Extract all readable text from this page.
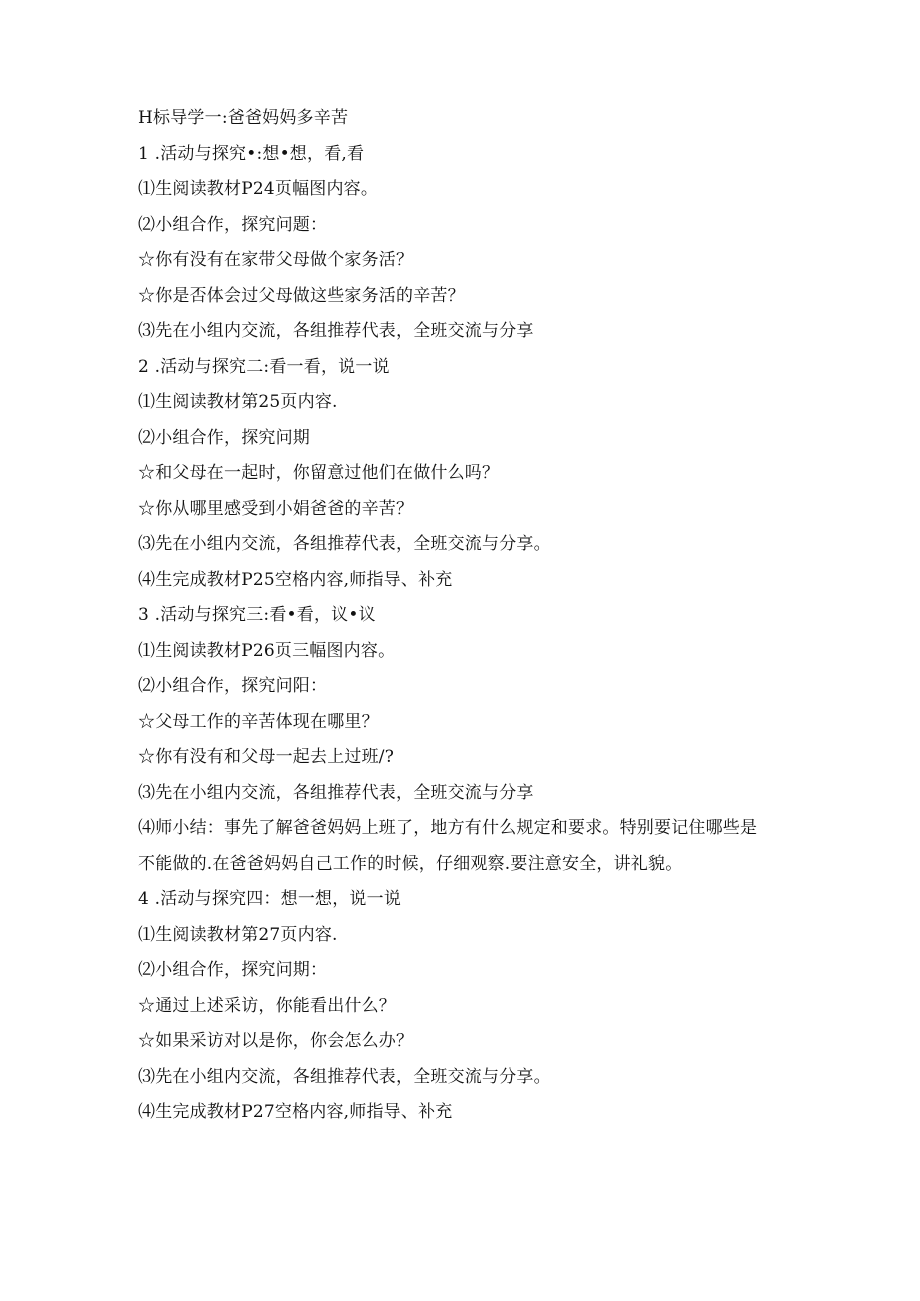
H标导学一:爸爸妈妈多辛苦
1 .活动与探究•:想•想，看,看
⑴生阅读教材P24页幅图内容。
⑵小组合作，探究问题：
☆你有没有在家带父母做个家务活？
☆你是否体会过父母做这些家务活的辛苦？
⑶先在小组内交流，各组推荐代表，全班交流与分享
2 .活动与探究二:看一看，说一说
⑴生阅读教材第25页内容.
⑵小组合作，探究问期
☆和父母在一起时，你留意过他们在做什么吗？
☆你从哪里感受到小娟爸爸的辛苦？
⑶先在小组内交流，各组推荐代表，全班交流与分享。
⑷生完成教材P25空格内容,师指导、补充
3 .活动与探究三:看•看，议•议
⑴生阅读教材P26页三幅图内容。
⑵小组合作，探究问阳：
☆父母工作的辛苦体现在哪里？
☆你有没有和父母一起去上过班/?
⑶先在小组内交流，各组推荐代表，全班交流与分享
⑷师小结：事先了解爸爸妈妈上班了，地方有什么规定和要求。特别要记住哪些是不能做的.在爸爸妈妈自己工作的时候，仔细观察.要注意安全，讲礼貌。
4 .活动与探究四：想一想，说一说
⑴生阅读教材第27页内容.
⑵小组合作，探究问期：
☆通过上述采访，你能看出什么？
☆如果采访对以是你，你会怎么办？
⑶先在小组内交流，各组推荐代表，全班交流与分享。
⑷生完成教材P27空格内容,师指导、补充
